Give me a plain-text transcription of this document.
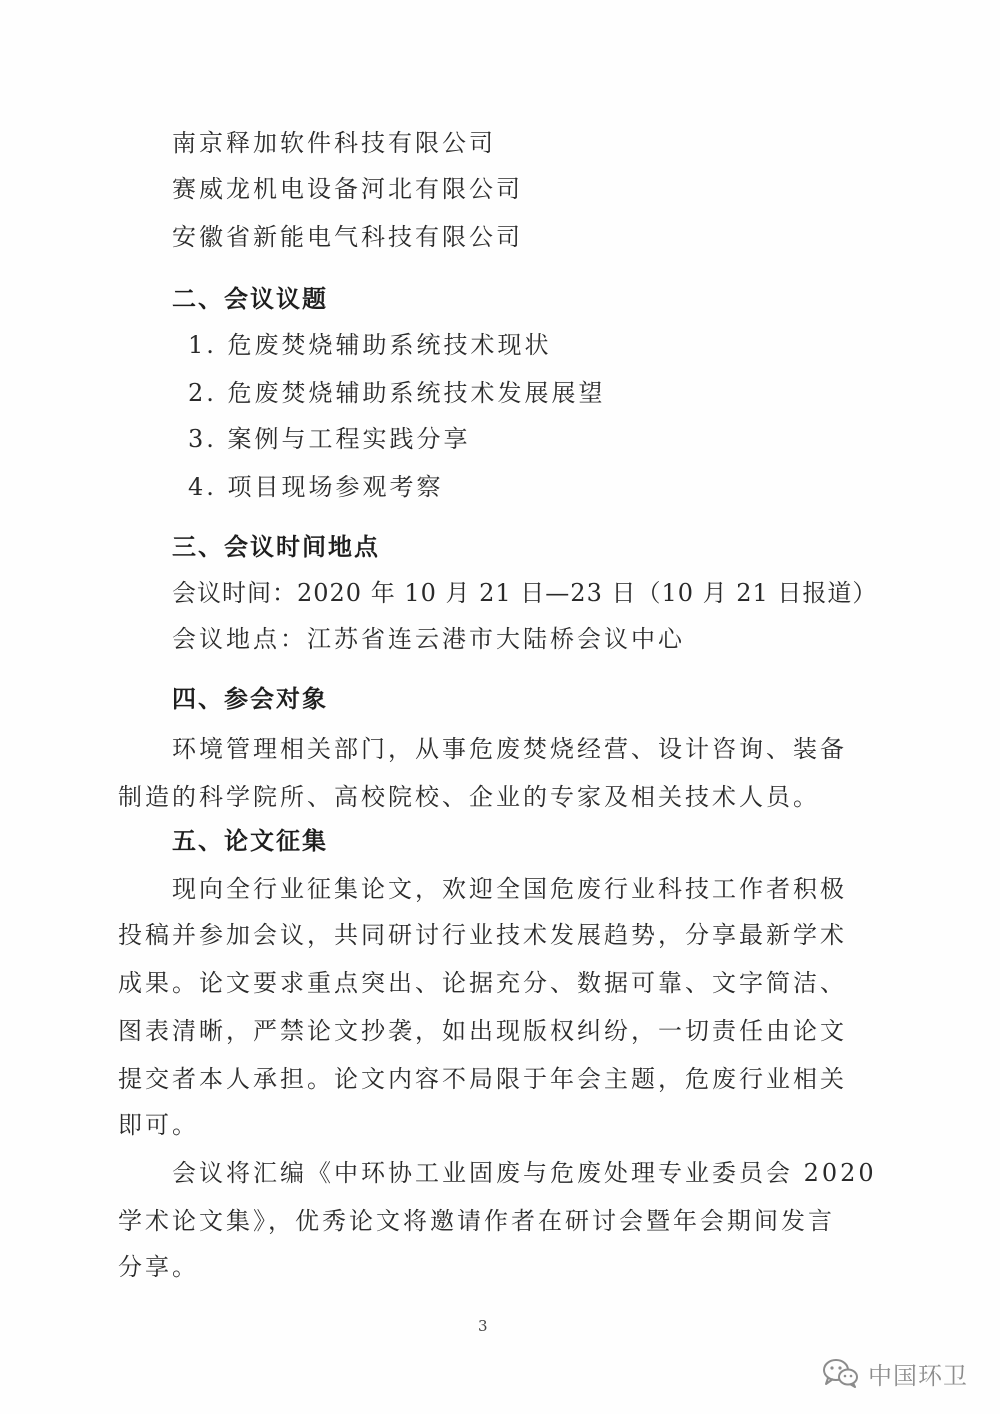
南京释加软件科技有限公司
赛威龙机电设备河北有限公司
安徽省新能电气科技有限公司
二、会议议题
1. 危废焚烧辅助系统技术现状
2. 危废焚烧辅助系统技术发展展望
3. 案例与工程实践分享
4. 项目现场参观考察
三、会议时间地点
会议时间：2020 年 10 月 21 日—23 日（10 月 21 日报道）
会议地点：江苏省连云港市大陆桥会议中心
四、参会对象
环境管理相关部门，从事危废焚烧经营、设计咨询、装备
制造的科学院所、高校院校、企业的专家及相关技术人员。
五、论文征集
现向全行业征集论文，欢迎全国危废行业科技工作者积极
投稿并参加会议，共同研讨行业技术发展趋势，分享最新学术
成果。论文要求重点突出、论据充分、数据可靠、文字简洁、
图表清晰，严禁论文抄袭，如出现版权纠纷，一切责任由论文
提交者本人承担。论文内容不局限于年会主题，危废行业相关
即可。
会议将汇编《中环协工业固废与危废处理专业委员会 2020
学术论文集》，优秀论文将邀请作者在研讨会暨年会期间发言
分享。
3
中国环卫
